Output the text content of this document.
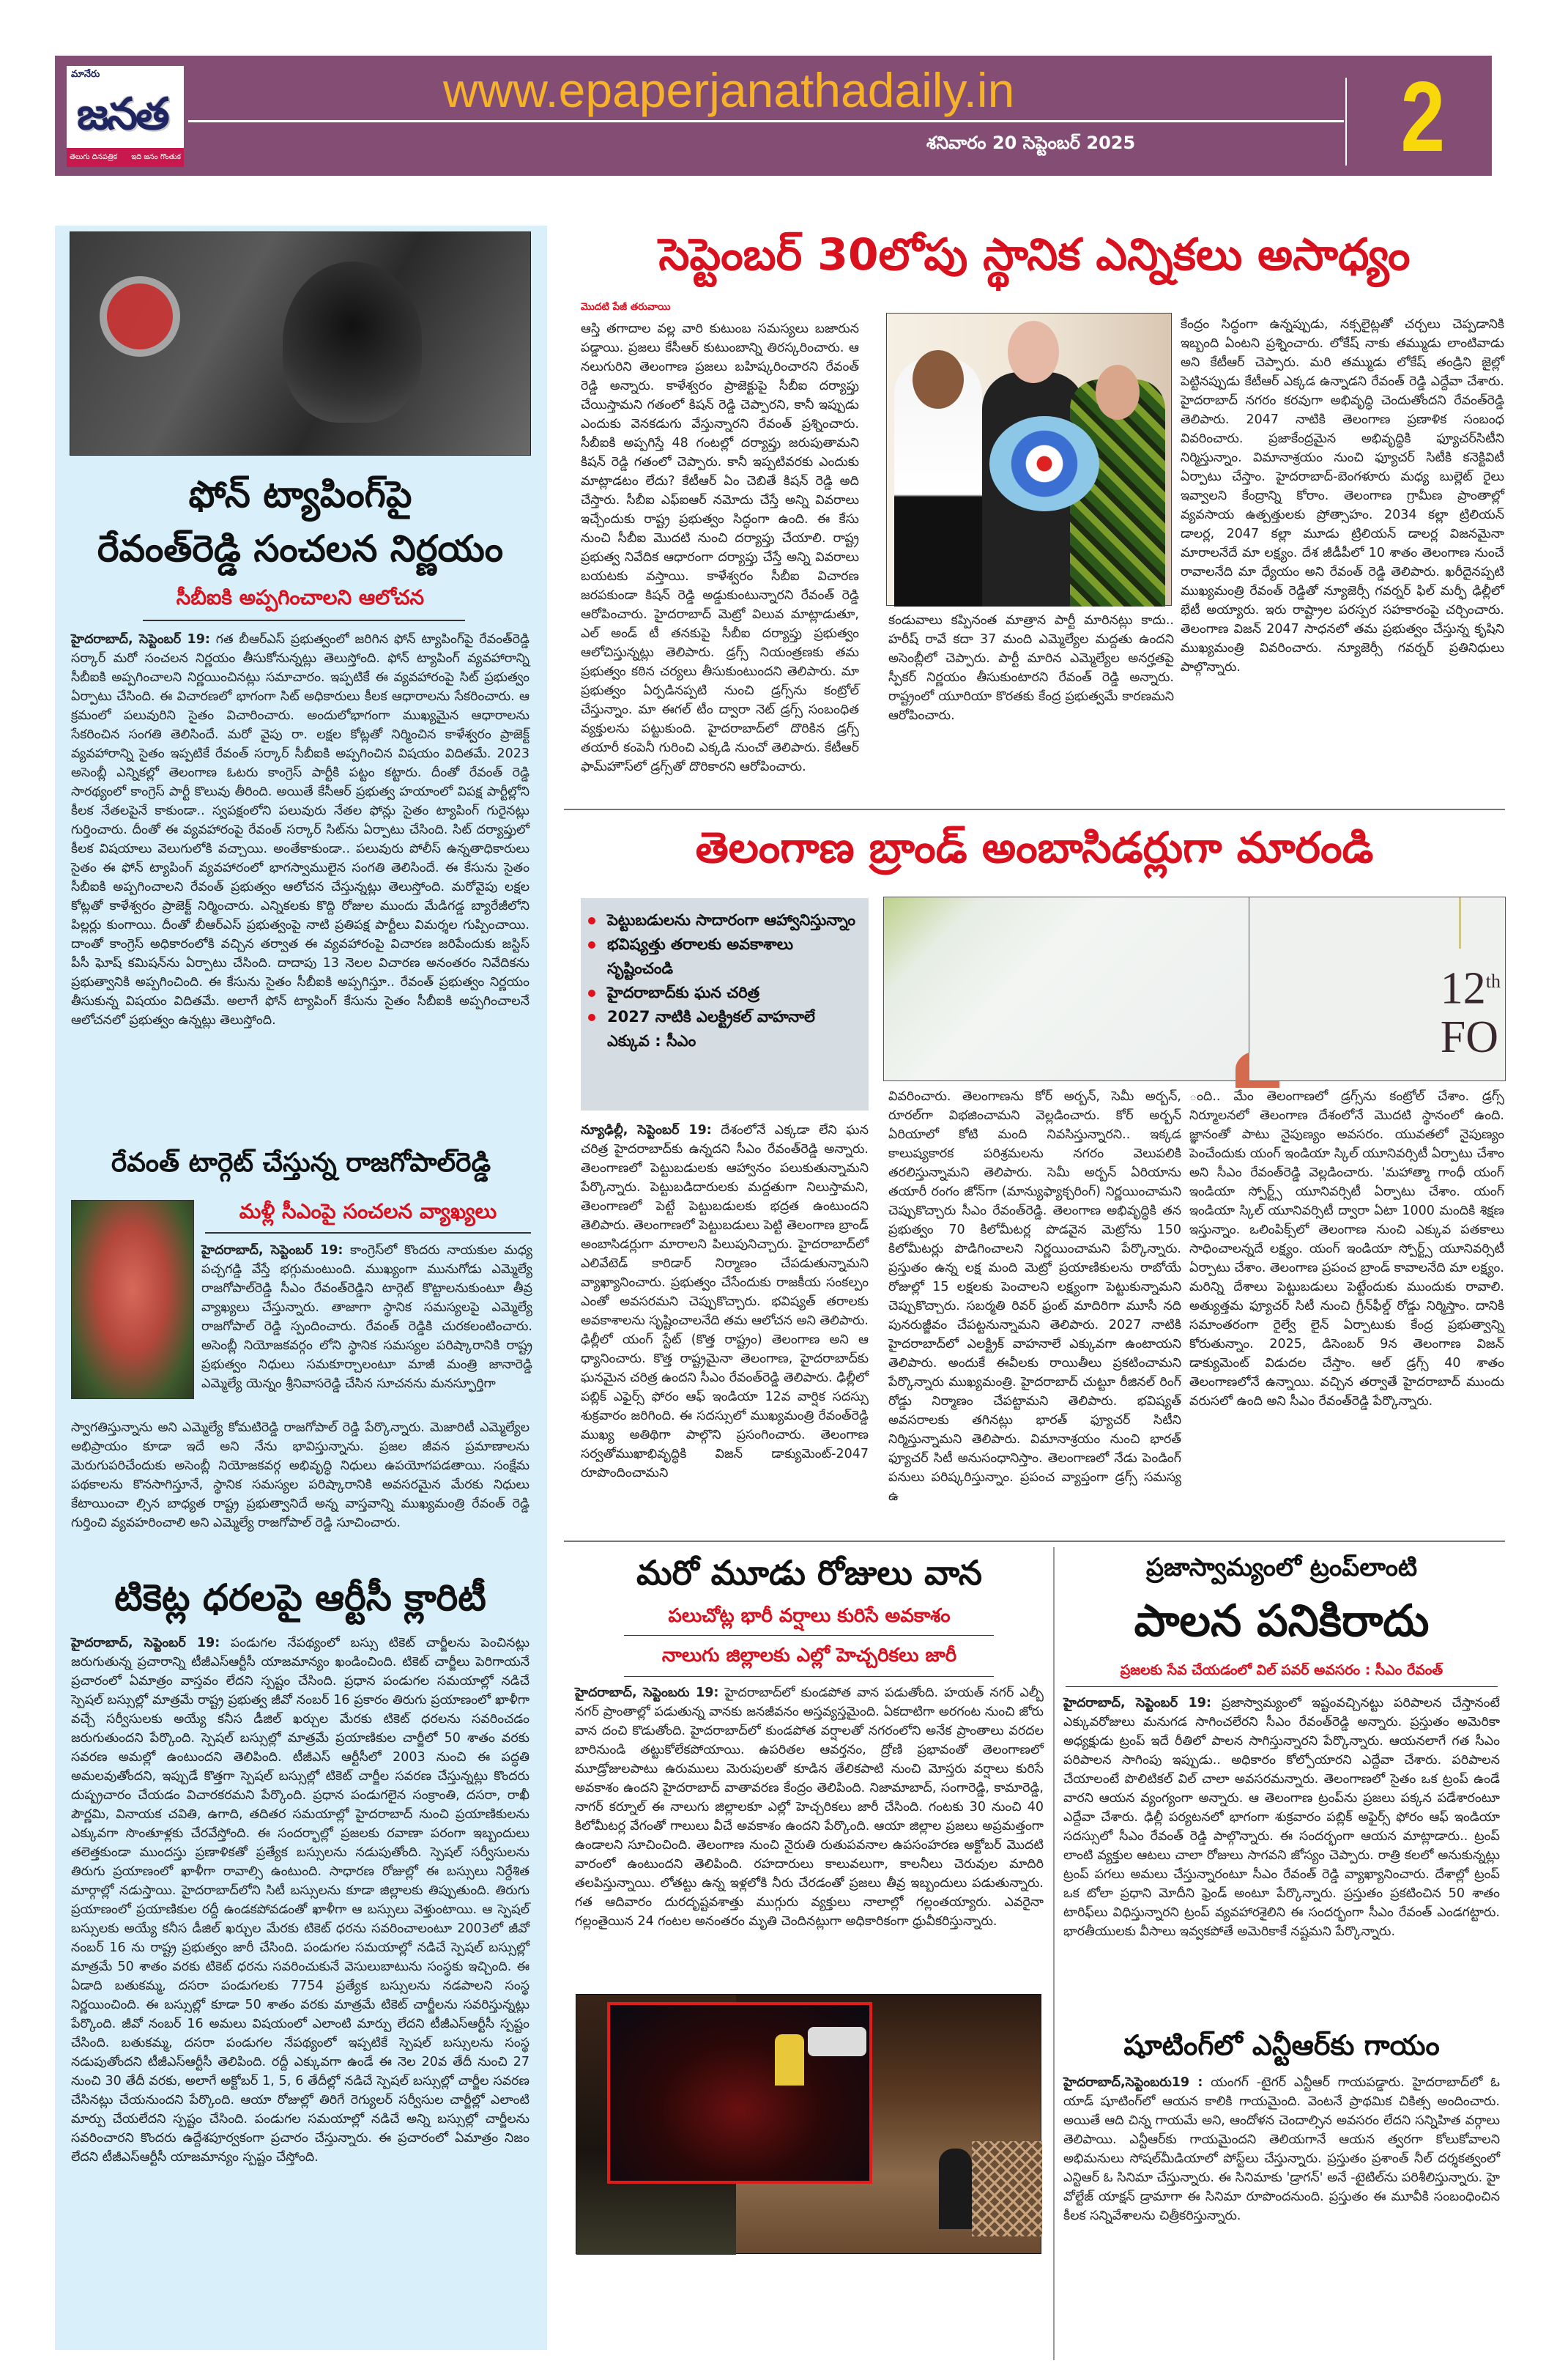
మానేరు
జనత
తెలుగు దినపత్రిక ఇది జనం గొంతుక
www.epaperjanathadaily.in
శనివారం 20 సెప్టెంబర్ 2025	2
ఫోన్ ట్యాపింగ్‌పై
రేవంత్‌రెడ్డి సంచలన నిర్ణయం
సీబీఐకి అప్పగించాలని ఆలోచన

హైదరాబాద్, సెప్టెంబర్ 19: గత బీఆర్ఎస్ ప్రభుత్వంలో జరిగిన ఫోన్ ట్యాపింగ్‌పై రేవంత్‌రెడ్డి సర్కార్ మరో సంచలన నిర్ణయం తీసుకోనున్నట్లు తెలుస్తోంది. ఫోన్ ట్యాపింగ్ వ్యవహారాన్ని సీబీఐకి అప్పగించాలని నిర్ణయించినట్లు సమాచారం. ఇప్పటికే ఈ వ్యవహారంపై సిట్ ప్రభుత్వం ఏర్పాటు చేసింది. ఈ విచారణలో భాగంగా సిట్ అధికారులు కీలక ఆధారాలను సేకరించారు. ఆ క్రమంలో పలువురిని సైతం విచారించారు. అందులోభాగంగా ముఖ్యమైన ఆధారాలను సేకరించిన సంగతి తెలిసిందే. మరో వైపు రా. లక్షల కోట్లతో నిర్మించిన కాళేశ్వరం ప్రాజెక్ట్ వ్యవహారాన్ని సైతం ఇప్పటికే రేవంత్ సర్కార్ సీబీఐకి అప్పగించిన విషయం విదితమే. 2023 అసెంబ్లీ ఎన్నికల్లో తెలంగాణ ఓటరు కాంగ్రెస్ పార్టీకి పట్టం కట్టారు. దీంతో రేవంత్ రెడ్డి సారథ్యంలో కాంగ్రెస్ పార్టీ కొలువు తీరింది. అయితే కేసీఆర్ ప్రభుత్వ హయాంలో విపక్ష పార్టీల్లోని కీలక నేతలపైనే కాకుండా.. స్వపక్షంలోని పలువురు నేతల ఫోన్లు సైతం ట్యాపింగ్ గురైనట్లు గుర్తించారు. దీంతో ఈ వ్యవహారంపై రేవంత్ సర్కార్ సిట్‌ను ఏర్పాటు చేసింది. సిట్ దర్యాప్తులో కీలక విషయాలు వెలుగులోకి వచ్చాయి. అంతేకాకుండా.. పలువురు పోలీస్ ఉన్నతాధికారులు సైతం ఈ ఫోన్ ట్యాపింగ్ వ్యవహారంలో భాగస్వాములైన సంగతి తెలిసిందే. ఈ కేసును సైతం సీబీఐకి అప్పగించాలని రేవంత్ ప్రభుత్వం ఆలోచన చేస్తున్నట్లు తెలుస్తోంది. మరోవైపు లక్షల కోట్లతో కాళేశ్వరం ప్రాజెక్ట్ నిర్మించారు. ఎన్నికలకు కొద్ది రోజుల ముందు మేడిగడ్డ బ్యారేజీలోని పిల్లర్లు కుంగాయి. దీంతో బీఆర్ఎస్ ప్రభుత్వంపై నాటి ప్రతిపక్ష పార్టీలు విమర్శల గుప్పించాయి. దాంతో కాంగ్రెస్ అధికారంలోకి వచ్చిన తర్వాత ఈ వ్యవహారంపై విచారణ జరిపేందుకు జస్టిస్ పీసీ ఘోష్ కమిషన్‌ను ఏర్పాటు చేసింది. దాదాపు 13 నెలల విచారణ అనంతరం నివేదికను ప్రభుత్వానికి అప్పగించింది. ఈ కేసును సైతం సీబీఐకి అప్పగిస్తూ.. రేవంత్ ప్రభుత్వం నిర్ణయం తీసుకున్న విషయం విదితమే. అలాగే ఫోన్ ట్యాపింగ్ కేసును సైతం సీబీఐకి అప్పగించాలనే ఆలోచనలో ప్రభుత్వం ఉన్నట్లు తెలుస్తోంది.

రేవంత్ టార్గెట్ చేస్తున్న రాజగోపాల్‌రెడ్డి
మళ్లీ సీఎంపై సంచలన వ్యాఖ్యలు

హైదరాబాద్, సెప్టెంబర్ 19: కాంగ్రెస్‌లో కొందరు నాయకుల మధ్య పచ్చగడ్డి వేస్తే భగ్గుమంటుంది. ముఖ్యంగా మునుగోడు ఎమ్మెల్యే రాజగోపాల్‌రెడ్డి సీఎం రేవంత్‌రెడ్డిని టార్గెట్ కొట్టాలనుకుంటూ తీవ్ర వ్యాఖ్యలు చేస్తున్నారు. తాజాగా స్థానిక సమస్యలపై ఎమ్మెల్యే రాజగోపాల్ రెడ్డి స్పందించారు. రేవంత్ రెడ్డికి చురకలంటించారు. అసెంబ్లీ నియోజకవర్గం లోని స్థానిక సమస్యల పరిష్కారానికి రాష్ట్ర ప్రభుత్వం నిధులు సమకూర్చాలంటూ మాజీ మంత్రి జానారెడ్డి ఎమ్మెల్యే యెన్నం శ్రీనివాసరెడ్డి చేసిన సూచనను మనస్ఫూర్తిగా

స్వాగతిస్తున్నాను అని ఎమ్మెల్యే కోమటిరెడ్డి రాజగోపాల్ రెడ్డి పేర్కొన్నారు. మెజారిటీ ఎమ్మెల్యేల అభిప్రాయం కూడా ఇదే అని నేను భావిస్తున్నాను. ప్రజల జీవన ప్రమాణాలను మెరుగుపరిచేందుకు అసెంబ్లీ నియోజకవర్గ అభివృద్ధి నిధులు ఉపయోగపడతాయి. సంక్షేమ పథకాలను కొనసాగిస్తూనే, స్థానిక సమస్యల పరిష్కారానికి అవసరమైన మేరకు నిధులు కేటాయించా ల్సిన బాధ్యత రాష్ట్ర ప్రభుత్వానిదే అన్న వాస్తవాన్ని ముఖ్యమంత్రి రేవంత్ రెడ్డి గుర్తించి వ్యవహరించాలి అని ఎమ్మెల్యే రాజగోపాల్ రెడ్డి సూచించారు.

టికెట్ల ధరలపై ఆర్టీసీ క్లారిటీ

హైదరాబాద్, సెప్టెంబర్ 19: పండుగల నేపథ్యంలో బస్సు టికెట్ చార్జీలను పెంచినట్లు జరుగుతున్న ప్రచారాన్ని టీజీఎస్‌ఆర్టీసీ యాజమాన్యం ఖండించింది. టికెట్ చార్జీలు పెరిగాయనే ప్రచారంలో ఏమాత్రం వాస్తవం లేదని స్పష్టం చేసింది. ప్రధాన పండుగల సమయాల్లో నడిచే స్పెషల్ బస్సుల్లో మాత్రమే రాష్ట్ర ప్రభుత్వ జీవో నంబర్ 16 ప్రకారం తిరుగు ప్రయాణంలో ఖాళీగా వచ్చే సర్వీసులకు అయ్యే కనీస డీజిల్ ఖర్చుల మేరకు టికెట్ ధరలను సవరించడం జరుగుతుందని పేర్కొంది. స్పెషల్ బస్సుల్లో మాత్రమే ప్రయాణికుల చార్జీలో 50 శాతం వరకు సవరణ అమల్లో ఉంటుందని తెలిపింది. టీజీఎస్ ఆర్టీసీలో 2003 నుంచి ఈ పద్ధతి అమలవుతోందని, ఇప్పుడే కొత్తగా స్పెషల్ బస్సుల్లో టికెట్ చార్జీల సవరణ చేస్తున్నట్లు కొందరు దుష్ప్రచారం చేయడం విచారకరమని పేర్కొంది. ప్రధాన పండుగలైన సంక్రాంతి, దసరా, రాఖీ పౌర్ణమి, వినాయక చవితి, ఉగాది, తదితర సమయాల్లో హైదరాబాద్ నుంచి ప్రయాణికులను ఎక్కువగా సొంతూళ్లకు చేరవేస్తోంది. ఈ సందర్భాల్లో ప్రజలకు రవాణా పరంగా ఇబ్బందులు తలెత్తకుండా ముందస్తు ప్రణాళికతో ప్రత్యేక బస్సులను నడుపుతోంది. స్పెషల్ సర్వీసులను తిరుగు ప్రయాణంలో ఖాళీగా రావాల్సి ఉంటుంది. సాధారణ రోజుల్లో ఈ బస్సులు నిర్దేశిత మార్గాల్లో నడుస్తాయి. హైదరాబాద్‌లోని సిటీ బస్సులను కూడా జిల్లాలకు తిప్పుతుంది. తిరుగు ప్రయాణంలో ప్రయాణికుల రద్దీ ఉండకపోవడంతో ఖాళీగా ఆ బస్సులు వెళ్తుంటాయి. ఆ స్పెషల్ బస్సులకు అయ్యే కనీస డీజిల్ ఖర్చుల మేరకు టికెట్ ధరను సవరించాలంటూ 2003లో జీవో నంబర్ 16 ను రాష్ట్ర ప్రభుత్వం జారీ చేసింది. పండుగల సమయాల్లో నడిచే స్పెషల్ బస్సుల్లో మాత్రమే 50 శాతం వరకు టికెట్ ధరను సవరించుకునే వెసులుబాటును సంస్థకు ఇచ్చింది. ఈ ఏడాది బతుకమ్మ, దసరా పండుగలకు 7754 ప్రత్యేక బస్సులను నడపాలని సంస్థ నిర్ణయించింది. ఈ బస్సుల్లో కూడా 50 శాతం వరకు మాత్రమే టికెట్ చార్జీలను సవరిస్తున్నట్లు పేర్కొంది. జీవో నంబర్ 16 అమలు విషయంలో ఎలాంటి మార్పు లేదని టీజీఎస్‌ఆర్టీసీ స్పష్టం చేసింది. బతుకమ్మ, దసరా పండుగల నేపథ్యంలో ఇప్పటికే స్పెషల్ బస్సులను సంస్థ నడుపుతోందని టీజీఎస్‌ఆర్టీసీ తెలిపింది. రద్దీ ఎక్కువగా ఉండే ఈ నెల 20వ తేదీ నుంచి 27 నుంచి 30 తేదీ వరకు, అలాగే అక్టోబర్ 1, 5, 6 తేదీల్లో నడిచే స్పెషల్ బస్సుల్లో చార్జీల సవరణ చేసినట్లు చేయనుందని పేర్కొంది. ఆయా రోజుల్లో తిరిగే రెగ్యులర్ సర్వీసుల చార్జీల్లో ఎలాంటి మార్పు చేయలేదని స్పష్టం చేసింది. పండుగల సమయాల్లో నడిచే అన్ని బస్సుల్లో చార్జీలను సవరించారని కొందరు ఉద్దేశపూర్వకంగా ప్రచారం చేస్తున్నారు. ఈ ప్రచారంలో ఏమాత్రం నిజం లేదని టీజీఎస్‌ఆర్టీసీ యాజమాన్యం స్పష్టం చేస్తోంది.

సెప్టెంబర్ 30లోపు స్థానిక ఎన్నికలు అసాధ్యం
మొదటి పేజీ తరువాయి

ఆస్తి తగాదాల వల్ల వారి కుటుంబ సమస్యలు బజారున పడ్డాయి. ప్రజలు కేసీఆర్ కుటుంబాన్ని తిరస్కరించారు. ఆ నలుగురిని తెలంగాణ ప్రజలు బహిష్కరించారని రేవంత్ రెడ్డి అన్నారు. కాళేశ్వరం ప్రాజెక్టుపై సీబీఐ దర్యాప్తు చేయిస్తామని గతంలో కిషన్ రెడ్డి చెప్పారని, కానీ ఇప్పుడు ఎందుకు వెనకడుగు వేస్తున్నారని రేవంత్ ప్రశ్నించారు. సీబీఐకి అప్పగిస్తే 48 గంటల్లో దర్యాప్తు జరుపుతామని కిషన్ రెడ్డి గతంలో చెప్పారు. కానీ ఇప్పటివరకు ఎందుకు మాట్లాడటం లేదు? కేటీఆర్ ఏం చెబితే కిషన్ రెడ్డి అది చేస్తారు. సీబీఐ ఎఫ్ఐఆర్ నమోదు చేస్తే అన్ని వివరాలు ఇచ్చేందుకు రాష్ట్ర ప్రభుత్వం సిద్ధంగా ఉంది. ఈ కేసు నుంచి సీబీఐ మొదటి నుంచి దర్యాప్తు చేయాలి. రాష్ట్ర ప్రభుత్వ నివేదిక ఆధారంగా దర్యాప్తు చేస్తే అన్ని వివరాలు బయటకు వస్తాయి. కాళేశ్వరం సీబీఐ విచారణ జరపకుండా కిషన్ రెడ్డి అడ్డుకుంటున్నారని రేవంత్ రెడ్డి ఆరోపించారు. హైదరాబాద్ మెట్రో విలువ మాట్లాడుతూ, ఎల్ అండ్ టీ తనకుపై సీబీఐ దర్యాప్తు ప్రభుత్వం ఆలోచిస్తున్నట్లు తెలిపారు. డ్రగ్స్ నియంత్రణకు తమ ప్రభుత్వం కఠిన చర్యలు తీసుకుంటుందని తెలిపారు. మా ప్రభుత్వం ఏర్పడినప్పటి నుంచి డ్రగ్స్‌ను కంట్రోల్ చేస్తున్నాం. మా ఈగల్ టీం ద్వారా నెట్ డ్రగ్స్ సంబంధిత వ్యక్తులను పట్టుకుంది. హైదరాబాద్‌లో దొరికిన డ్రగ్స్ తయారీ కంపెనీ గురించి ఎక్కడి నుంచో తెలిపారు. కేటీఆర్ ఫామ్‌హౌస్‌లో డ్రగ్స్‌తో దొరికారని ఆరోపించారు.

కండువాలు కప్పినంత మాత్రాన పార్టీ మారినట్లు కాదు.. హరీష్ రావే కదా 37 మంది ఎమ్మెల్యేల మద్దతు ఉందని అసెంబ్లీలో చెప్పారు. పార్టీ మారిన ఎమ్మెల్యేల అనర్హతపై స్పీకర్ నిర్ణయం తీసుకుంటారని రేవంత్ రెడ్డి అన్నారు. రాష్ట్రంలో యూరియా కొరతకు కేంద్ర ప్రభుత్వమే కారణమని ఆరోపించారు.

కేంద్రం సిద్ధంగా ఉన్నప్పుడు, నక్సలైట్లతో చర్చలు చెప్పడానికి ఇబ్బంది ఏంటని ప్రశ్నించారు. లోకేష్ నాకు తమ్ముడు లాంటివాడు అని కేటీఆర్ చెప్పారు. మరి తమ్ముడు లోకేష్ తండ్రిని జైల్లో పెట్టినప్పుడు కేటీఆర్ ఎక్కడ ఉన్నాడని రేవంత్ రెడ్డి ఎద్దేవా చేశారు. హైదరాబాద్ నగరం కరవుగా అభివృద్ధి చెందుతోందని రేవంత్‌రెడ్డి తెలిపారు. 2047 నాటికి తెలంగాణ ప్రణాళిక సంబంధ వివరించారు. ప్రజాకేంద్రమైన అభివృద్ధికి ఫ్యూచర్‌సిటీని నిర్మిస్తున్నాం. విమానాశ్రయం నుంచి ఫ్యూచర్ సిటీకి కనెక్టివిటీ ఏర్పాటు చేస్తాం. హైదరాబాద్-బెంగళూరు మధ్య బుల్లెట్ రైలు ఇవ్వాలని కేంద్రాన్ని కోరాం. తెలంగాణ గ్రామీణ ప్రాంతాల్లో వ్యవసాయ ఉత్పత్తులకు ప్రోత్సాహం. 2034 కల్లా ట్రిలియన్ డాలర్ల, 2047 కల్లా మూడు ట్రిలియన్ డాలర్ల విజనమైనా మారాలనేదే మా లక్ష్యం. దేశ జీడీపీలో 10 శాతం తెలంగాణ నుంచే రావాలనేది మా ధ్యేయం అని రేవంత్ రెడ్డి తెలిపారు. ఖరీదైనప్పటి ముఖ్యమంత్రి రేవంత్ రెడ్డితో న్యూజెర్సీ గవర్నర్ ఫిల్ మర్ఫీ ఢిల్లీలో భేటీ అయ్యారు. ఇరు రాష్ట్రాల పరస్పర సహకారంపై చర్చించారు. తెలంగాణ విజన్ 2047 సాధనలో తమ ప్రభుత్వం చేస్తున్న కృషిని ముఖ్యమంత్రి వివరించారు. న్యూజెర్సీ గవర్నర్ ప్రతినిధులు పాల్గొన్నారు.

తెలంగాణ బ్రాండ్ అంబాసిడర్లుగా మారండి
పెట్టుబడులను సాదారంగా ఆహ్వానిస్తున్నాం
భవిష్యత్తు తరాలకు అవకాశాలు సృష్టించండి
హైదరాబాద్‌కు ఘన చరిత్ర
2027 నాటికి ఎలక్ట్రికల్ వాహనాలే ఎక్కువ : సీఎం
12th
FO

న్యూఢిల్లీ, సెప్టెంబర్ 19: దేశంలోనే ఎక్కడా లేని ఘన చరిత్ర హైదరాబాద్‌కు ఉన్నదని సీఎం రేవంత్‌రెడ్డి అన్నారు. తెలంగాణలో పెట్టుబడులకు ఆహ్వానం పలుకుతున్నామని పేర్కొన్నారు. పెట్టుబడిదారులకు మద్దతుగా నిలుస్తామని, తెలంగాణలో పెట్టే పెట్టుబడులకు భద్రత ఉంటుందని తెలిపారు. తెలంగాణలో పెట్టుబడులు పెట్టి తెలంగాణ బ్రాండ్ అంబాసిడర్లుగా మారాలని పిలుపునిచ్చారు. హైదరాబాద్‌లో ఎలివేటెడ్ కారిడార్ నిర్మాణం చేపడుతున్నామని వ్యాఖ్యానించారు. ప్రభుత్వం చేసేందుకు రాజకీయ సంకల్పం ఎంతో అవసరమని చెప్పుకొచ్చారు. భవిష్యత్ తరాలకు అవకాశాలను సృష్టించాలనేది తమ ఆలోచన అని తెలిపారు. ఢిల్లీలో యంగ్ స్టేట్ (కొత్త రాష్ట్రం) తెలంగాణ అని ఆ ధ్యానించారు. కొత్త రాష్ట్రమైనా తెలంగాణ, హైదరాబాద్‌కు ఘనమైన చరిత్ర ఉందని సీఎం రేవంత్‌రెడ్డి తెలిపారు. ఢిల్లీలో పబ్లిక్ ఎఫైర్స్ ఫోరం ఆఫ్ ఇండియా 12వ వార్షిక సదస్సు శుక్రవారం జరిగింది. ఈ సదస్సులో ముఖ్యమంత్రి రేవంత్‌రెడ్డి ముఖ్య అతిథిగా పాల్గొని ప్రసంగించారు. తెలంగాణ సర్వతోముఖాభివృద్ధికి విజన్ డాక్యుమెంట్-2047 రూపొందించామని

వివరించారు. తెలంగాణను కోర్ అర్బన్, సెమీ అర్బన్, రూరల్‌గా విభజించామని వెల్లడించారు. కోర్ అర్బన్ ఏరియాలో కోటి మంది నివసిస్తున్నారని.. ఇక్కడ కాలుష్యకారక పరిశ్రమలను నగరం వెలుపలికి తరలిస్తున్నామని తెలిపారు. సెమీ అర్బన్ ఏరియాను తయారీ రంగం జోన్‌గా (మాన్యుఫ్యాక్చరింగ్) నిర్ణయించామని చెప్పుకొచ్చారు సీఎం రేవంత్‌రెడ్డి. తెలంగాణ అభివృద్ధికి తన ప్రభుత్వం 70 కిలోమీటర్ల పొడవైన మెట్రోను 150 కిలోమీటర్లు పొడిగించాలని నిర్ణయించామని పేర్కొన్నారు. ప్రస్తుతం ఉన్న లక్ష మంది మెట్రో ప్రయాణికులను రాబోయే రోజుల్లో 15 లక్షలకు పెంచాలని లక్ష్యంగా పెట్టుకున్నామని చెప్పుకొచ్చారు. సబర్మతి రివర్ ఫ్రంట్ మాదిరిగా మూసీ నది పునరుజ్జీవం చేపట్టనున్నామని తెలిపారు. 2027 నాటికి హైదరాబాద్‌లో ఎలక్ట్రిక్ వాహనాలే ఎక్కువగా ఉంటాయని తెలిపారు. అందుకే ఈవీలకు రాయితీలు ప్రకటించామని పేర్కొన్నారు ముఖ్యమంత్రి. హైదరాబాద్ చుట్టూ రీజినల్ రింగ్ రోడ్డు నిర్మాణం చేపట్టామని తెలిపారు. భవిష్యత్ అవసరాలకు తగినట్లు భారత్ ఫ్యూచర్ సిటీని నిర్మిస్తున్నామని తెలిపారు. విమానాశ్రయం నుంచి భారత్ ఫ్యూచర్ సిటీ అనుసంధానిస్తాం. తెలంగాణలో నేడు పెండింగ్ పనులు పరిష్కరిస్తున్నాం. ప్రపంచ వ్యాప్తంగా డ్రగ్స్ సమస్య ఉ

ంది.. మేం తెలంగాణలో డ్రగ్స్‌ను కంట్రోల్ చేశాం. డ్రగ్స్ నిర్మూలనలో తెలంగాణ దేశంలోనే మొదటి స్థానంలో ఉంది. జ్ఞానంతో పాటు నైపుణ్యం అవసరం. యువతలో నైపుణ్యం పెంచేందుకు యంగ్ ఇండియా స్కిల్ యూనివర్సిటీ ఏర్పాటు చేశాం అని సీఎం రేవంత్‌రెడ్డి వెల్లడించారు. 'మహాత్మా గాంధీ యంగ్ ఇండియా స్పోర్ట్స్ యూనివర్సిటీ ఏర్పాటు చేశాం. యంగ్ ఇండియా స్కిల్ యూనివర్సిటీ ద్వారా ఏటా 1000 మందికి శిక్షణ ఇస్తున్నాం. ఒలింపిక్స్‌లో తెలంగాణ నుంచి ఎక్కువ పతకాలు సాధించాలన్నదే లక్ష్యం. యంగ్ ఇండియా స్పోర్ట్స్ యూనివర్సిటీ ఏర్పాటు చేశాం. తెలంగాణ ప్రపంచ బ్రాండ్ కావాలనేది మా లక్ష్యం. మరిన్ని దేశాలు పెట్టుబడులు పెట్టేందుకు ముందుకు రావాలి. అత్యుత్తమ ఫ్యూచర్ సిటీ నుంచి గ్రీన్‌ఫీల్డ్ రోడ్డు నిర్మిస్తాం. దానికి సమాంతరంగా రైల్వే లైన్ ఏర్పాటుకు కేంద్ర ప్రభుత్వాన్ని కోరుతున్నాం. 2025, డిసెంబర్ 9న తెలంగాణ విజన్ డాక్యుమెంట్ విడుదల చేస్తాం. ఆల్ డ్రగ్స్ 40 శాతం తెలంగాణలోనే ఉన్నాయి. వచ్చిన తర్వాతే హైదరాబాద్ ముందు వరుసలో ఉంది అని సీఎం రేవంత్‌రెడ్డి పేర్కొన్నారు.

మరో మూడు రోజులు వాన
పలుచోట్ల భారీ వర్షాలు కురిసే అవకాశం
నాలుగు జిల్లాలకు ఎల్లో హెచ్చరికలు జారీ

హైదరాబాద్, సెప్టెంబరు 19: హైదరాబాద్‌లో కుండపోత వాన పడుతోంది. హయత్ నగర్ ఎల్బీ నగర్ ప్రాంతాల్లో పడుతున్న వానకు జనజీవనం అస్తవ్యస్తమైంది. ఏకదాటిగా అరగంట నుంచి జోరు వాన దంచి కొడుతోంది. హైదరాబాద్‌లో కుండపోత వర్షాలతో నగరంలోని అనేక ప్రాంతాలు వరదల బారినుండి తట్టుకోలేకపోయాయి. ఉపరితల ఆవర్తనం, ద్రోణి ప్రభావంతో తెలంగాణలో మూడ్రోజులపాటు ఉరుములు మెరుపులతో కూడిన తేలికపాటి నుంచి మోస్తరు వర్షాలు కురిసే అవకాశం ఉందని హైదరాబాద్ వాతావరణ కేంద్రం తెలిపింది. నిజామాబాద్, సంగారెడ్డి, కామారెడ్డి, నాగర్ కర్నూల్ ఈ నాలుగు జిల్లాలకూ ఎల్లో హెచ్చరికలు జారీ చేసింది. గంటకు 30 నుంచి 40 కిలోమీటర్ల వేగంతో గాలులు వీచే అవకాశం ఉందని పేర్కొంది. ఆయా జిల్లాల ప్రజలు అప్రమత్తంగా ఉండాలని సూచించింది. తెలంగాణ నుంచి నైరుతి రుతుపవనాల ఉపసంహరణ అక్టోబర్ మొదటి వారంలో ఉంటుందని తెలిపింది. రహదారులు కాలువలుగా, కాలనీలు చెరువుల మాదిరి తలపిస్తున్నాయి. లోతట్టు ఉన్న ఇళ్లలోకి నీరు చేరడంతో ప్రజలు తీవ్ర ఇబ్బందులు పడుతున్నారు. గత ఆదివారం దురదృష్టవశాత్తు ముగ్గురు వ్యక్తులు నాలాల్లో గల్లంతయ్యారు. ఎవరైనా గల్లంతైయిన 24 గంటల అనంతరం మృతి చెందినట్లుగా అధికారికంగా ధ్రువీకరిస్తున్నారు.

ప్రజాస్వామ్యంలో ట్రంప్‌లాంటి
పాలన పనికిరాదు
ప్రజలకు సేవ చేయడంలో విల్ పవర్ అవసరం : సీఎం రేవంత్

హైదరాబాద్, సెప్టెంబర్ 19: ప్రజాస్వామ్యంలో ఇష్టంవచ్చినట్టు పరిపాలన చేస్తానంటే ఎక్కువరోజులు మనుగడ సాగించలేరని సీఎం రేవంత్‌రెడ్డి అన్నారు. ప్రస్తుతం అమెరికా అధ్యక్షుడు ట్రంప్ ఇదే రీతిలో పాలన సాగిస్తున్నారని పేర్కొన్నారు. ఆయనలాగే గత సీఎం పరిపాలన సాగింపు ఇప్పుడు.. అధికారం కోల్పోయారని ఎద్దేవా చేశారు. పరిపాలన చేయాలంటే పొలిటికల్ విల్ చాలా అవసరమన్నారు. తెలంగాణలో సైతం ఒక ట్రంప్ ఉండే వారని ఆయన వ్యంగ్యంగా అన్నారు. ఆ తెలంగాణ ట్రంప్‌ను ప్రజలు పక్కన పడేశారంటూ ఎద్దేవా చేశారు. ఢిల్లీ పర్యటనలో భాగంగా శుక్రవారం పబ్లిక్ అఫైర్స్ ఫోరం ఆఫ్ ఇండియా సదస్సులో సీఎం రేవంత్ రెడ్డి పాల్గొన్నారు. ఈ సందర్భంగా ఆయన మాట్లాడారు.. ట్రంప్ లాంటి వ్యక్తుల ఆటలు చాలా రోజులు సాగవని జోస్యం చెప్పారు. రాత్రి కలలో అనుకున్నట్లు ట్రంప్ పగలు అమలు చేస్తున్నారంటూ సీఎం రేవంత్ రెడ్డి వ్యాఖ్యానించారు. దేశాల్లో ట్రంప్ ఒక టోలా ప్రధాని మోదీని ఫ్రెండ్ అంటూ పేర్కొన్నారు. ప్రస్తుతం ప్రకటించిన 50 శాతం టారిఫ్‌లు విధిస్తున్నారని ట్రంప్ వ్యవహారశైలిని ఈ సందర్భంగా సీఎం రేవంత్ ఎండగట్టారు. భారతీయులకు వీసాలు ఇవ్వకపోతే అమెరికాకే నష్టమని పేర్కొన్నారు.

షూటింగ్‌లో ఎన్టీఆర్‌కు గాయం

హైదరాబాద్,సెప్టెంబరు19 : యంగగ్ -టైగర్ ఎన్టీఆర్ గాయపడ్డారు. హైదరాబాద్‌లో ఓ యాడ్ షూటింగ్‌లో ఆయన కాలికి గాయమైంది. వెంటనే ప్రాథమిక చికిత్స అందించారు. అయితే ఆది చిన్న గాయమే అని, ఆందోళన చెందాల్సిన అవసరం లేదని సన్నిహిత వర్గాలు తెలిపాయి. ఎన్టీఆర్‌కు గాయమైందని తెలియగానే ఆయన త్వరగా కోలుకోవాలని అభిమనులు సోషల్‌మీడియాలో పోస్ట్‌లు చేస్తున్నారు. ప్రస్తుతం ప్రశాంత్ నీల్ దర్శకత్వంలో ఎన్టిఆర్ ఓ సినిమా చేస్తున్నారు. ఈ సినిమాకు 'డ్రాగన్' అనే -టైటిల్‌ను పరిశీలిస్తున్నారు. హై వోల్టేజ్ యాక్షన్ డ్రామాగా ఈ సినిమా రూపొందనుంది. ప్రస్తుతం ఈ మూవీకి సంబంధించిన కీలక సన్నివేశాలను చిత్రీకరిస్తున్నారు.
